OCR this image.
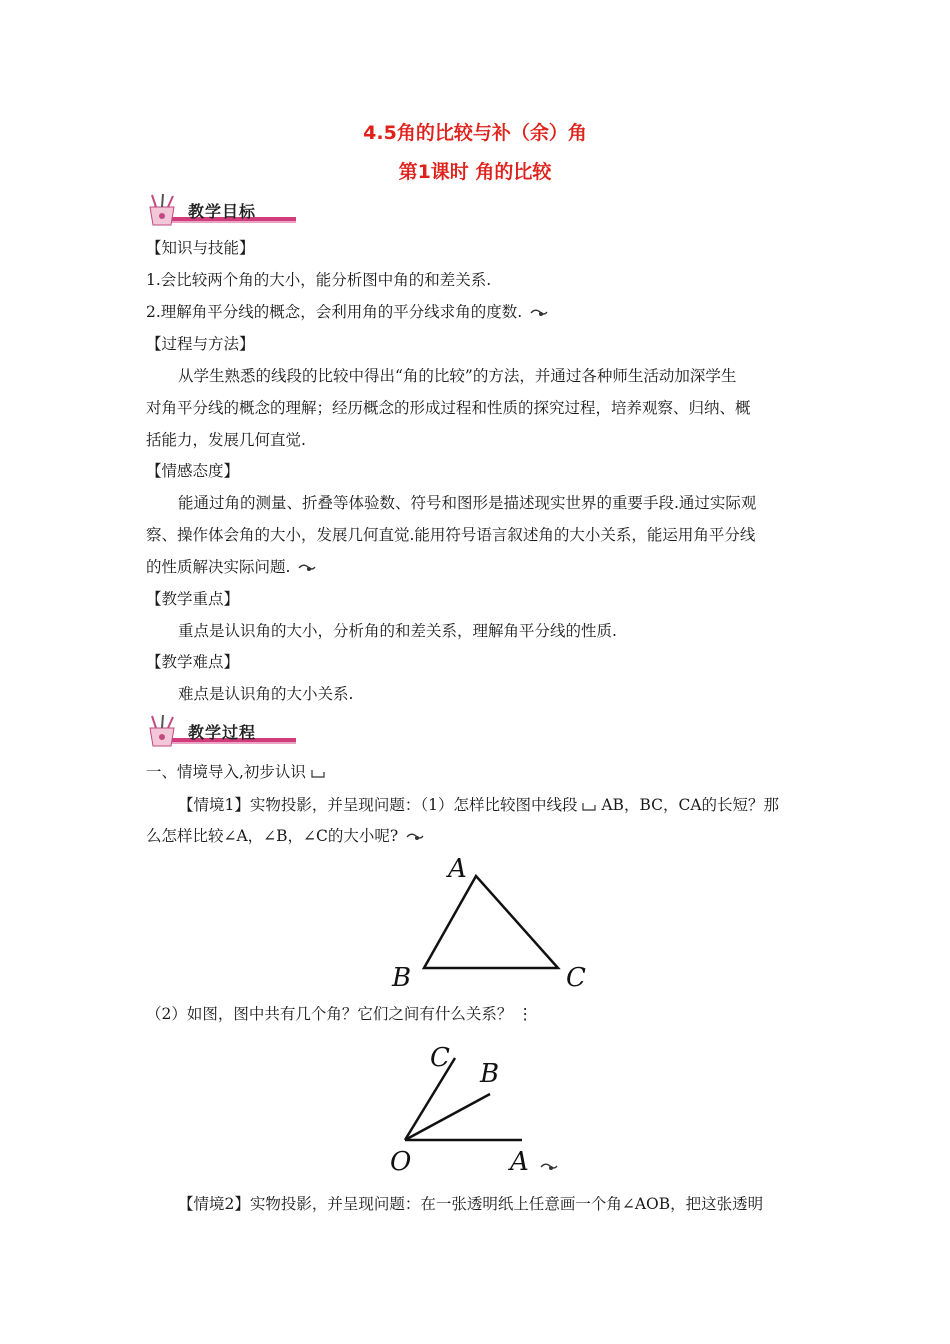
4.5角的比较与补（余）角
第1课时 角的比较
教学目标
【知识与技能】
1.会比较两个角的大小，能分析图中角的和差关系.
2.理解角平分线的概念，会利用角的平分线求角的度数.
【过程与方法】
从学生熟悉的线段的比较中得出“角的比较”的方法，并通过各种师生活动加深学生
对角平分线的概念的理解；经历概念的形成过程和性质的探究过程，培养观察、归纳、概
括能力，发展几何直觉.
【情感态度】
能通过角的测量、折叠等体验数、符号和图形是描述现实世界的重要手段.通过实际观
察、操作体会角的大小，发展几何直觉.能用符号语言叙述角的大小关系，能运用角平分线
的性质解决实际问题.
【教学重点】
重点是认识角的大小，分析角的和差关系，理解角平分线的性质.
【教学难点】
难点是认识角的大小关系.
教学过程
一、情境导入,初步认识
【情境1】实物投影，并呈现问题：（1）怎样比较图中线段 AB，BC，CA的长短？那
么怎样比较∠A，∠B，∠C的大小呢?
A
B	C
（2）如图，图中共有几个角？它们之间有什么关系？ ⋮
C
B
O	A
【情境2】实物投影，并呈现问题：在一张透明纸上任意画一个角∠AOB，把这张透明
